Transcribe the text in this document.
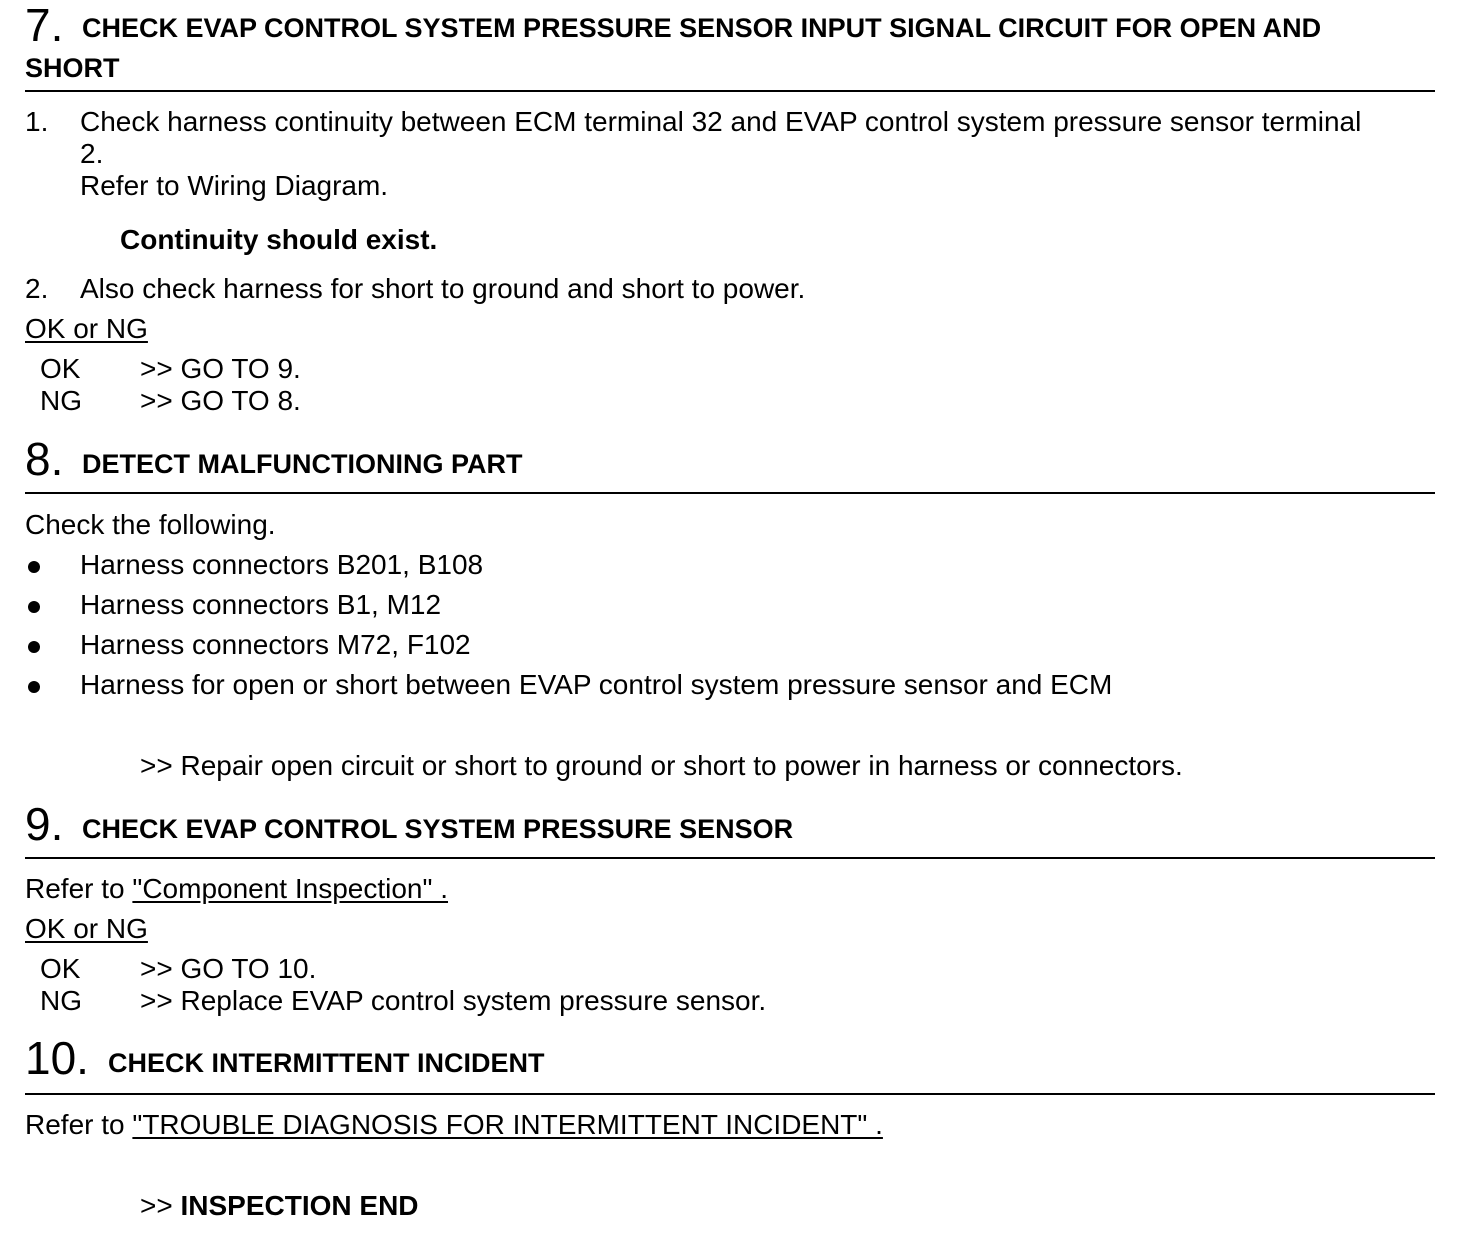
7. CHECK EVAP CONTROL SYSTEM PRESSURE SENSOR INPUT SIGNAL CIRCUIT FOR OPEN AND
SHORT
1. Check harness continuity between ECM terminal 32 and EVAP control system pressure sensor terminal
2.
Refer to Wiring Diagram.
Continuity should exist.
2. Also check harness for short to ground and short to power.
OK or NG
OK >> GO TO 9.
NG >> GO TO 8.
8. DETECT MALFUNCTIONING PART
Check the following.
Harness connectors B201, B108
Harness connectors B1, M12
Harness connectors M72, F102
Harness for open or short between EVAP control system pressure sensor and ECM
>> Repair open circuit or short to ground or short to power in harness or connectors.
9. CHECK EVAP CONTROL SYSTEM PRESSURE SENSOR
Refer to "Component Inspection" .
OK or NG
OK >> GO TO 10.
NG >> Replace EVAP control system pressure sensor.
10. CHECK INTERMITTENT INCIDENT
Refer to "TROUBLE DIAGNOSIS FOR INTERMITTENT INCIDENT" .
>> INSPECTION END
